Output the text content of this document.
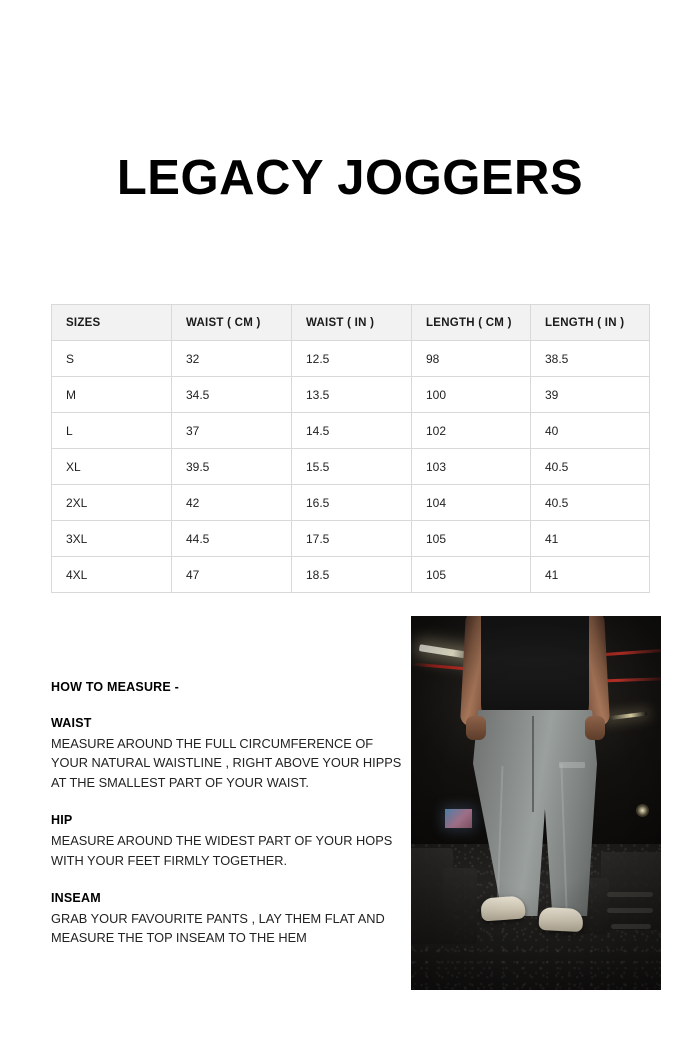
LEGACY JOGGERS
SIZES	WAIST ( CM )	WAIST ( IN )	LENGTH ( CM )	LENGTH ( IN )
S	32	12.5	98	38.5
M	34.5	13.5	100	39
L	37	14.5	102	40
XL	39.5	15.5	103	40.5
2XL	42	16.5	104	40.5
3XL	44.5	17.5	105	41
4XL	47	18.5	105	41
HOW TO MEASURE -
WAIST
MEASURE AROUND THE FULL CIRCUMFERENCE OF YOUR NATURAL WAISTLINE , RIGHT ABOVE YOUR HIPPS AT THE SMALLEST PART OF YOUR WAIST.
HIP
MEASURE AROUND THE WIDEST PART OF YOUR HOPS WITH YOUR FEET FIRMLY TOGETHER.
INSEAM
GRAB YOUR FAVOURITE PANTS , LAY THEM FLAT AND MEASURE THE TOP INSEAM TO THE HEM
